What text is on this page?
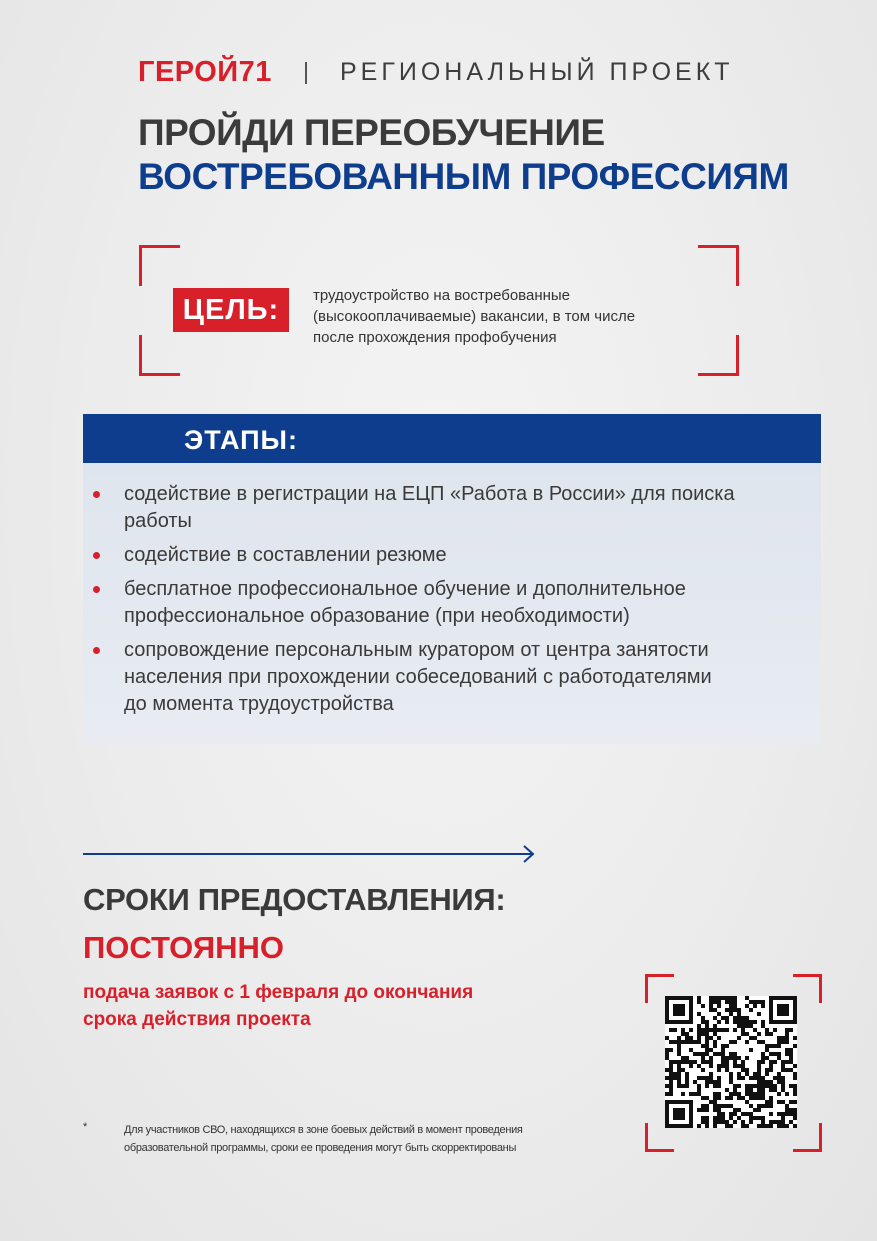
ГЕРОЙ71	РЕГИОНАЛЬНЫЙ ПРОЕКТ
ПРОЙДИ ПЕРЕОБУЧЕНИЕ
ВОСТРЕБОВАННЫМ ПРОФЕССИЯМ
ЦЕЛЬ:	трудоустройство на востребованные
(высокооплачиваемые) вакансии, в том числе
после прохождения профобучения
ЭТАПЫ:
содействие в регистрации на ЕЦП «Работа в России» для поиска
работы
содействие в составлении резюме
бесплатное профессиональное обучение и дополнительное
профессиональное образование (при необходимости)
сопровождение персональным куратором от центра занятости
населения при прохождении собеседований с работодателями
до момента трудоустройства
СРОКИ ПРЕДОСТАВЛЕНИЯ:
ПОСТОЯННО
подача заявок с 1 февраля до окончания
срока действия проекта
*	Для участников СВО, находящихся в зоне боевых действий в момент проведения
образовательной программы, сроки ее проведения могут быть скорректированы
